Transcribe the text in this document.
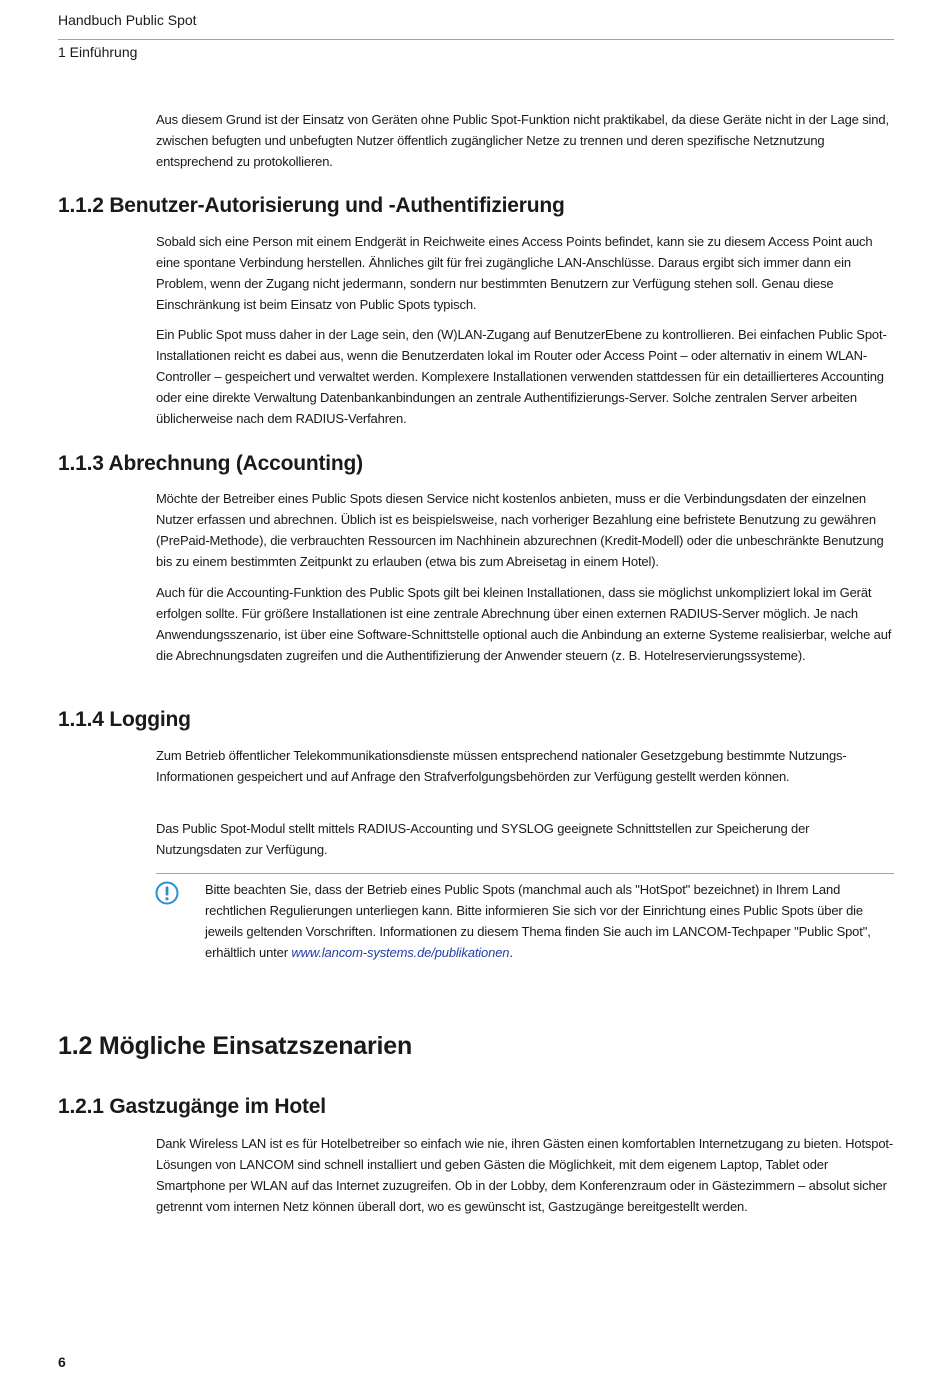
Handbuch Public Spot
1 Einführung

Aus diesem Grund ist der Einsatz von Geräten ohne Public Spot-Funktion nicht praktikabel, da diese Geräte nicht in der Lage sind, zwischen befugten und unbefugten Nutzer öffentlich zugänglicher Netze zu trennen und deren spezifische Netznutzung entsprechend zu protokollieren.

1.1.2 Benutzer-Autorisierung und -Authentifizierung

Sobald sich eine Person mit einem Endgerät in Reichweite eines Access Points befindet, kann sie zu diesem Access Point auch eine spontane Verbindung herstellen. Ähnliches gilt für frei zugängliche LAN-Anschlüsse. Daraus ergibt sich immer dann ein Problem, wenn der Zugang nicht jedermann, sondern nur bestimmten Benutzern zur Verfügung stehen soll. Genau diese Einschränkung ist beim Einsatz von Public Spots typisch.

Ein Public Spot muss daher in der Lage sein, den (W)LAN-Zugang auf BenutzerEbene zu kontrollieren. Bei einfachen Public Spot-Installationen reicht es dabei aus, wenn die Benutzerdaten lokal im Router oder Access Point – oder alternativ in einem WLAN-Controller – gespeichert und verwaltet werden. Komplexere Installationen verwenden stattdessen für ein detaillierteres Accounting oder eine direkte Verwaltung Datenbankanbindungen an zentrale Authentifizierungs-Server. Solche zentralen Server arbeiten üblicherweise nach dem RADIUS-Verfahren.

1.1.3 Abrechnung (Accounting)

Möchte der Betreiber eines Public Spots diesen Service nicht kostenlos anbieten, muss er die Verbindungsdaten der einzelnen Nutzer erfassen und abrechnen. Üblich ist es beispielsweise, nach vorheriger Bezahlung eine befristete Benutzung zu gewähren (PrePaid-Methode), die verbrauchten Ressourcen im Nachhinein abzurechnen (Kredit-Modell) oder die unbeschränkte Benutzung bis zu einem bestimmten Zeitpunkt zu erlauben (etwa bis zum Abreisetag in einem Hotel).

Auch für die Accounting-Funktion des Public Spots gilt bei kleinen Installationen, dass sie möglichst unkompliziert lokal im Gerät erfolgen sollte. Für größere Installationen ist eine zentrale Abrechnung über einen externen RADIUS-Server möglich. Je nach Anwendungsszenario, ist über eine Software-Schnittstelle optional auch die Anbindung an externe Systeme realisierbar, welche auf die Abrechnungsdaten zugreifen und die Authentifizierung der Anwender steuern (z. B. Hotelreservierungssysteme).

1.1.4 Logging

Zum Betrieb öffentlicher Telekommunikationsdienste müssen entsprechend nationaler Gesetzgebung bestimmte Nutzungs-Informationen gespeichert und auf Anfrage den Strafverfolgungsbehörden zur Verfügung gestellt werden können.

Das Public Spot-Modul stellt mittels RADIUS-Accounting und SYSLOG geeignete Schnittstellen zur Speicherung der Nutzungsdaten zur Verfügung.

Bitte beachten Sie, dass der Betrieb eines Public Spots (manchmal auch als "HotSpot" bezeichnet) in Ihrem Land rechtlichen Regulierungen unterliegen kann. Bitte informieren Sie sich vor der Einrichtung eines Public Spots über die jeweils geltenden Vorschriften. Informationen zu diesem Thema finden Sie auch im LANCOM-Techpaper "Public Spot", erhältlich unter www.lancom-systems.de/publikationen.

1.2 Mögliche Einsatzszenarien
1.2.1 Gastzugänge im Hotel

Dank Wireless LAN ist es für Hotelbetreiber so einfach wie nie, ihren Gästen einen komfortablen Internetzugang zu bieten. Hotspot-Lösungen von LANCOM sind schnell installiert und geben Gästen die Möglichkeit, mit dem eigenem Laptop, Tablet oder Smartphone per WLAN auf das Internet zuzugreifen. Ob in der Lobby, dem Konferenzraum oder in Gästezimmern – absolut sicher getrennt vom internen Netz können überall dort, wo es gewünscht ist, Gastzugänge bereitgestellt werden.

6
